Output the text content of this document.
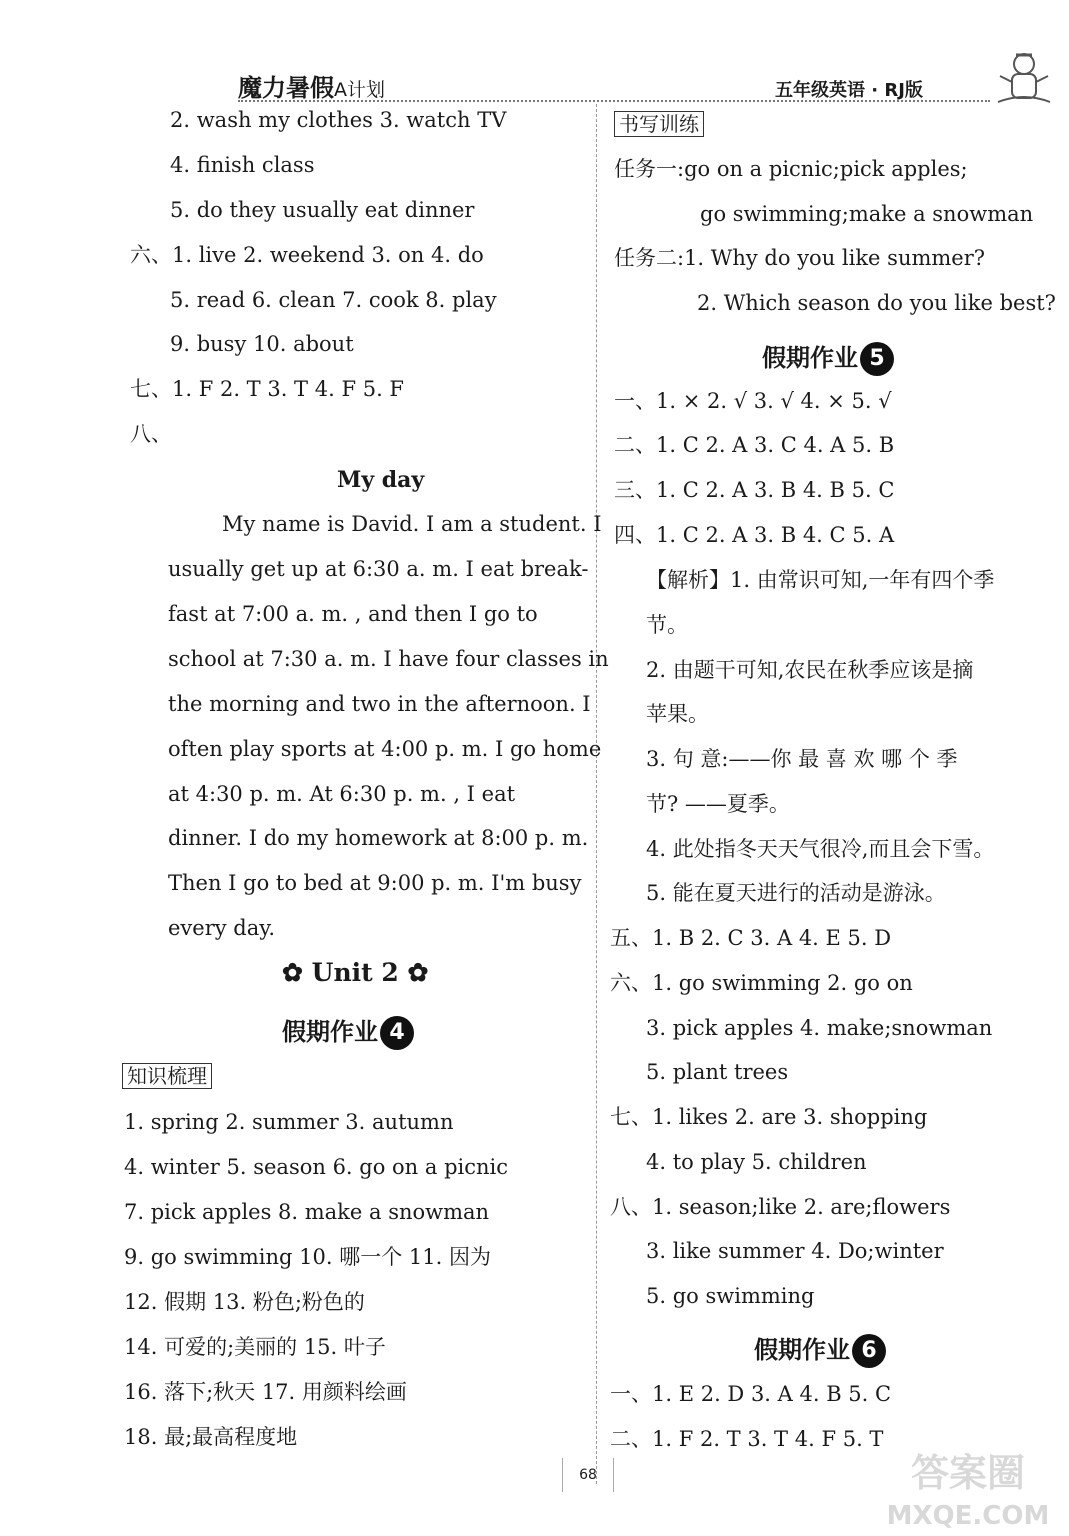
魔力暑假A计划	五年级英语 · RJ版
2. wash my clothes 3. watch TV
4. finish class
5. do they usually eat dinner
六、1. live 2. weekend 3. on 4. do
5. read 6. clean 7. cook 8. play
9. busy 10. about
七、1. F 2. T 3. T 4. F 5. F
八、
My day
My name is David. I am a student. I
usually get up at 6:30 a. m. I eat break-
fast at 7:00 a. m. , and then I go to
school at 7:30 a. m. I have four classes in
the morning and two in the afternoon. I
often play sports at 4:00 p. m. I go home
at 4:30 p. m. At 6:30 p. m. , I eat
dinner. I do my homework at 8:00 p. m.
Then I go to bed at 9:00 p. m. I'm busy
every day.
✿ Unit 2 ✿
假期作业 4
知识梳理
1. spring 2. summer 3. autumn
4. winter 5. season 6. go on a picnic
7. pick apples 8. make a snowman
9. go swimming 10. 哪一个 11. 因为
12. 假期 13. 粉色;粉色的
14. 可爱的;美丽的 15. 叶子
16. 落下;秋天 17. 用颜料绘画
18. 最;最高程度地
书写训练
任务一:go on a picnic;pick apples;
go swimming;make a snowman
任务二:1. Why do you like summer?
2. Which season do you like best?
假期作业 5
一、1. × 2. √ 3. √ 4. × 5. √
二、1. C 2. A 3. C 4. A 5. B
三、1. C 2. A 3. B 4. B 5. C
四、1. C 2. A 3. B 4. C 5. A
【解析】1. 由常识可知,一年有四个季
节。
2. 由题干可知,农民在秋季应该是摘
苹果。
3. 句 意:——你 最 喜 欢 哪 个 季
节? ——夏季。
4. 此处指冬天天气很冷,而且会下雪。
5. 能在夏天进行的活动是游泳。
五、1. B 2. C 3. A 4. E 5. D
六、1. go swimming 2. go on
3. pick apples 4. make;snowman
5. plant trees
七、1. likes 2. are 3. shopping
4. to play 5. children
八、1. season;like 2. are;flowers
3. like summer 4. Do;winter
5. go swimming
假期作业 6
一、1. E 2. D 3. A 4. B 5. C
二、1. F 2. T 3. T 4. F 5. T
68	答案圈
MXQE.COM
